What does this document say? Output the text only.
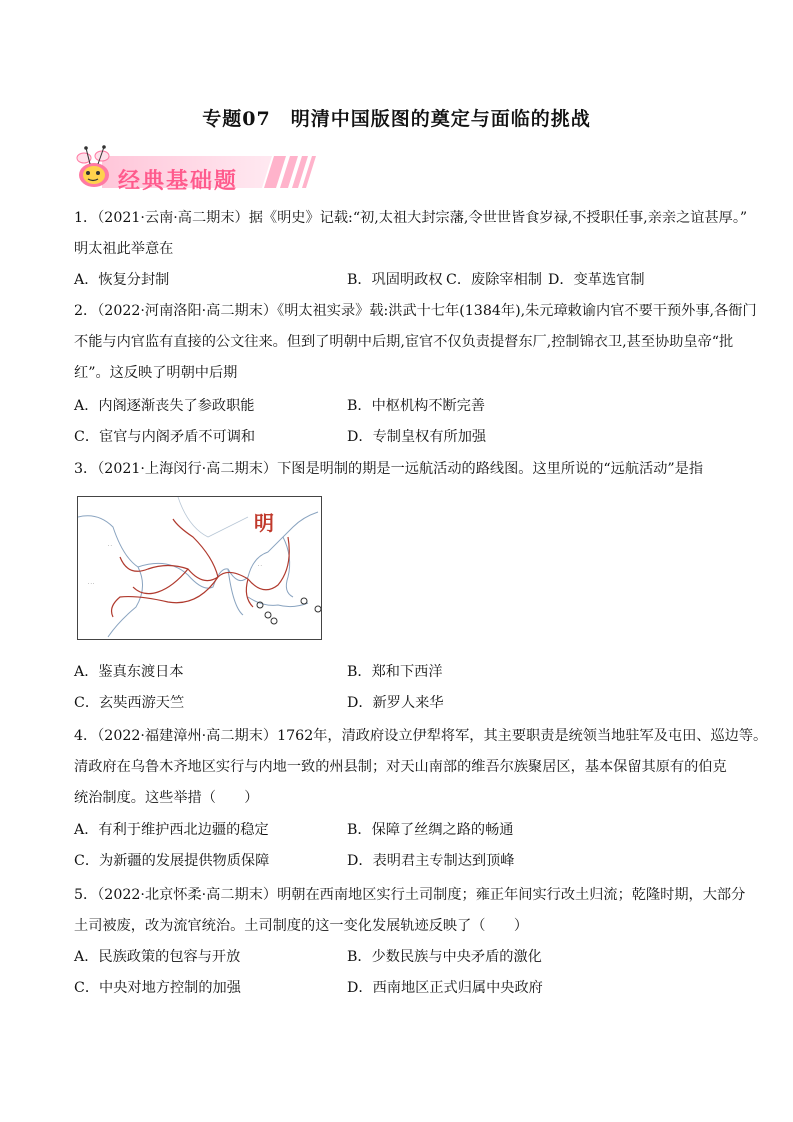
专题07　明清中国版图的奠定与面临的挑战
经典基础题
1．（2021·云南·高二期末）据《明史》记载:“初,太祖大封宗藩,令世世皆食岁禄,不授职任事,亲亲之谊甚厚。”
明太祖此举意在
A．恢复分封制	B．巩固明政权 C．废除宰相制 D．变革选官制
2．（2022·河南洛阳·高二期末）《明太祖实录》载:洪武十七年(1384年),朱元璋敕谕内官不要干预外事,各衙门
不能与内官监有直接的公文往来。但到了明朝中后期,宦官不仅负责提督东厂,控制锦衣卫,甚至协助皇帝“批
红”。这反映了明朝中后期
A．内阁逐渐丧失了参政职能	B．中枢机构不断完善
C．宦官与内阁矛盾不可调和	D．专制皇权有所加强
3．（2021·上海闵行·高二期末）下图是明制的期是一远航活动的路线图。这里所说的“远航活动”是指
· ·
· · ·
· ·
明
A．鉴真东渡日本	B．郑和下西洋
C．玄奘西游天竺	D．新罗人来华
4．（2022·福建漳州·高二期末）1762年，清政府设立伊犁将军，其主要职责是统领当地驻军及屯田、巡边等。
清政府在乌鲁木齐地区实行与内地一致的州县制；对天山南部的维吾尔族聚居区，基本保留其原有的伯克
统治制度。这些举措（　　）
A．有利于维护西北边疆的稳定	B．保障了丝绸之路的畅通
C．为新疆的发展提供物质保障	D．表明君主专制达到顶峰
5．（2022·北京怀柔·高二期末）明朝在西南地区实行土司制度；雍正年间实行改土归流；乾隆时期，大部分
土司被废，改为流官统治。土司制度的这一变化发展轨迹反映了（　　）
A．民族政策的包容与开放	B．少数民族与中央矛盾的激化
C．中央对地方控制的加强	D．西南地区正式归属中央政府
